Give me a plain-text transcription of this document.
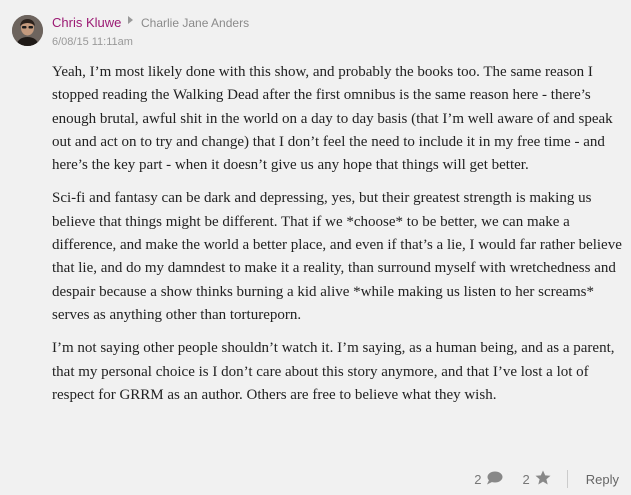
Chris Kluwe Charlie Jane Anders
6/08/15 11:11am

Yeah, I’m most likely done with this show, and probably the books too. The same reason I stopped reading the Walking Dead after the first omnibus is the same reason here - there’s enough brutal, awful shit in the world on a day to day basis (that I’m well aware of and speak out and act on to try and change) that I don’t feel the need to include it in my free time - and here’s the key part - when it doesn’t give us any hope that things will get better.

Sci-fi and fantasy can be dark and depressing, yes, but their greatest strength is making us believe that things might be different. That if we *choose* to be better, we can make a difference, and make the world a better place, and even if that’s a lie, I would far rather believe that lie, and do my damndest to make it a reality, than surround myself with wretchedness and despair because a show thinks burning a kid alive *while making us listen to her screams* serves as anything other than tortureporn.

I’m not saying other people shouldn’t watch it. I’m saying, as a human being, and as a parent, that my personal choice is I don’t care about this story anymore, and that I’ve lost a lot of respect for GRRM as an author. Others are free to believe what they wish.

2	2	Reply
